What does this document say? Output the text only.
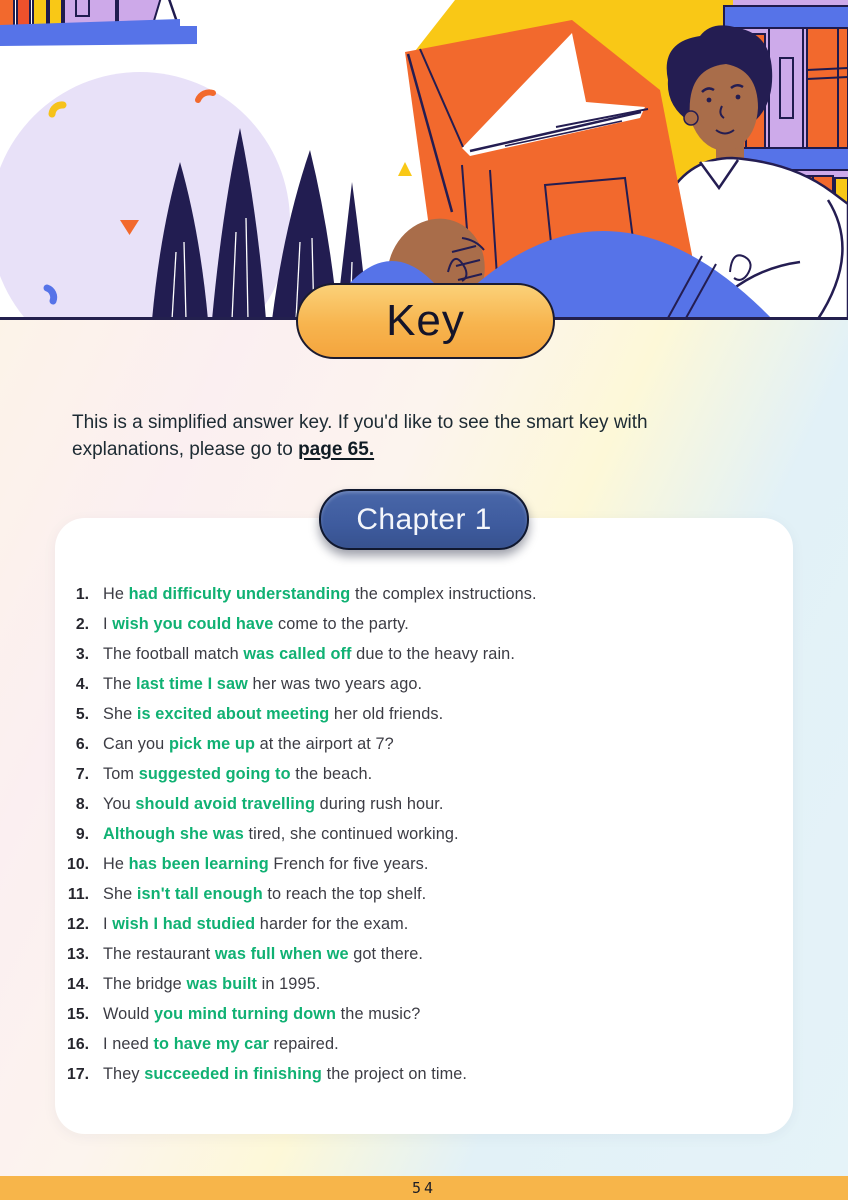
Key

This is a simplified answer key. If you'd like to see the smart key with explanations, please go to page 65.

Chapter 1
1. He had difficulty understanding the complex instructions.
2. I wish you could have come to the party.
3. The football match was called off due to the heavy rain.
4. The last time I saw her was two years ago.
5. She is excited about meeting her old friends.
6. Can you pick me up at the airport at 7?
7. Tom suggested going to the beach.
8. You should avoid travelling during rush hour.
9. Although she was tired, she continued working.
10. He has been learning French for five years.
11. She isn't tall enough to reach the top shelf.
12. I wish I had studied harder for the exam.
13. The restaurant was full when we got there.
14. The bridge was built in 1995.
15. Would you mind turning down the music?
16. I need to have my car repaired.
17. They succeeded in finishing the project on time.
54
